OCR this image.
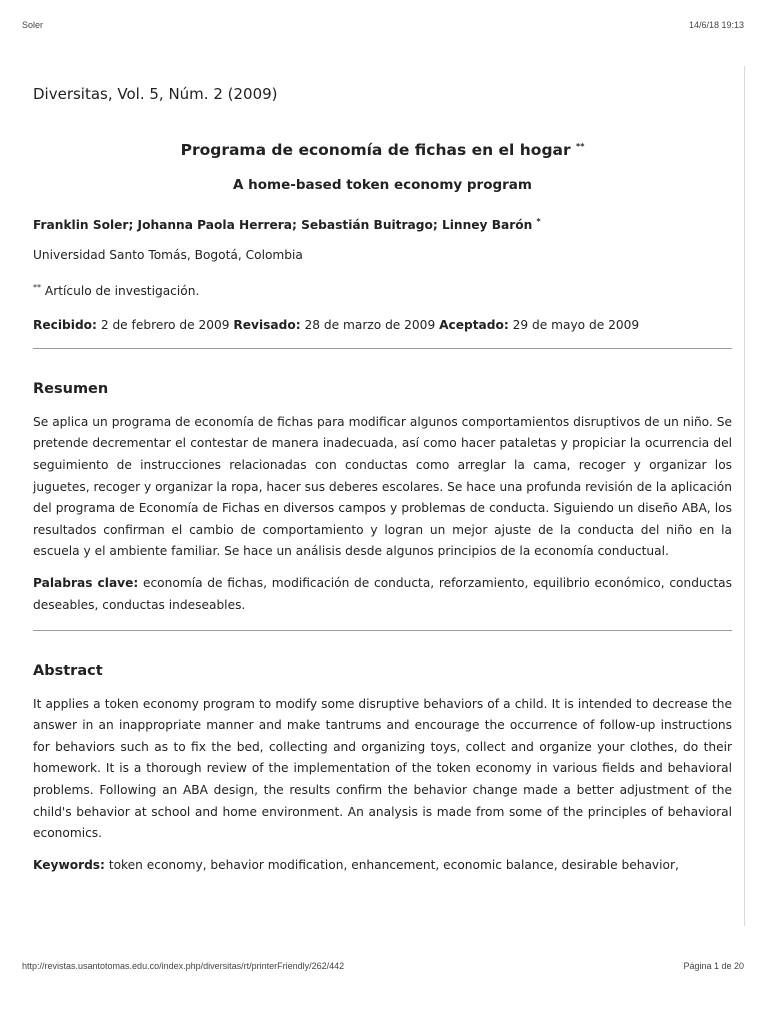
Soler	14/6/18 19:13
Diversitas, Vol. 5, Núm. 2 (2009)
Programa de economía de fichas en el hogar **
A home-based token economy program
Franklin Soler; Johanna Paola Herrera; Sebastián Buitrago; Linney Barón *
Universidad Santo Tomás, Bogotá, Colombia
** Artículo de investigación.
Recibido: 2 de febrero de 2009 Revisado: 28 de marzo de 2009 Aceptado: 29 de mayo de 2009
Resumen

Se aplica un programa de economía de fichas para modificar algunos comportamientos disruptivos de un niño. Se pretende decrementar el contestar de manera inadecuada, así como hacer pataletas y propiciar la ocurrencia del seguimiento de instrucciones relacionadas con conductas como arreglar la cama, recoger y organizar los juguetes, recoger y organizar la ropa, hacer sus deberes escolares. Se hace una profunda revisión de la aplicación del programa de Economía de Fichas en diversos campos y problemas de conducta. Siguiendo un diseño ABA, los resultados confirman el cambio de comportamiento y logran un mejor ajuste de la conducta del niño en la escuela y el ambiente familiar. Se hace un análisis desde algunos principios de la economía conductual.

Palabras clave: economía de fichas, modificación de conducta, reforzamiento, equilibrio económico, conductas deseables, conductas indeseables.

Abstract

It applies a token economy program to modify some disruptive behaviors of a child. It is intended to decrease the answer in an inappropriate manner and make tantrums and encourage the occurrence of follow-up instructions for behaviors such as to fix the bed, collecting and organizing toys, collect and organize your clothes, do their homework. It is a thorough review of the implementation of the token economy in various fields and behavioral problems. Following an ABA design, the results confirm the behavior change made a better adjustment of the child's behavior at school and home environment. An analysis is made from some of the principles of behavioral economics.

Keywords: token economy, behavior modification, enhancement, economic balance, desirable behavior,

http://revistas.usantotomas.edu.co/index.php/diversitas/rt/printerFriendly/262/442	Página 1 de 20
